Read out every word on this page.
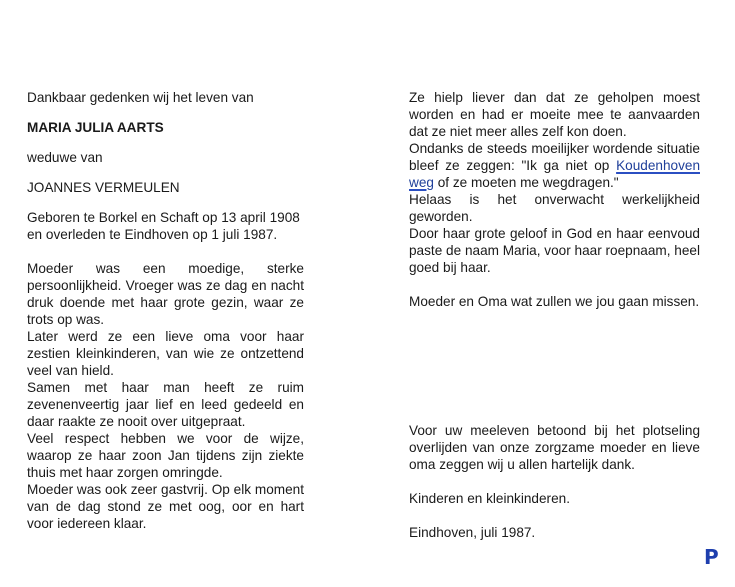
Dankbaar gedenken wij het leven van

MARIA JULIA AARTS

weduwe van

JOANNES VERMEULEN

Geboren te Borkel en Schaft op 13 april 1908 en overleden te Eindhoven op 1 juli 1987.

Moeder was een moedige, sterke persoonlijkheid. Vroeger was ze dag en nacht druk doende met haar grote gezin, waar ze trots op was.

Later werd ze een lieve oma voor haar zestien kleinkinderen, van wie ze ontzettend veel van hield.

Samen met haar man heeft ze ruim zevenenveertig jaar lief en leed gedeeld en daar raakte ze nooit over uitgepraat.

Veel respect hebben we voor de wijze, waarop ze haar zoon Jan tijdens zijn ziekte thuis met haar zorgen omringde.

Moeder was ook zeer gastvrij. Op elk moment van de dag stond ze met oog, oor en hart voor iedereen klaar.

Ze hielp liever dan dat ze geholpen moest worden en had er moeite mee te aanvaarden dat ze niet meer alles zelf kon doen.

Ondanks de steeds moeilijker wordende situatie bleef ze zeggen: "Ik ga niet op Koudenhoven weg of ze moeten me wegdragen."

Helaas is het onverwacht werkelijkheid geworden.

Door haar grote geloof in God en haar eenvoud paste de naam Maria, voor haar roepnaam, heel goed bij haar.

Moeder en Oma wat zullen we jou gaan missen.

Voor uw meeleven betoond bij het plotseling overlijden van onze zorgzame moeder en lieve oma zeggen wij u allen hartelijk dank.

Kinderen en kleinkinderen.

Eindhoven, juli 1987.

P
